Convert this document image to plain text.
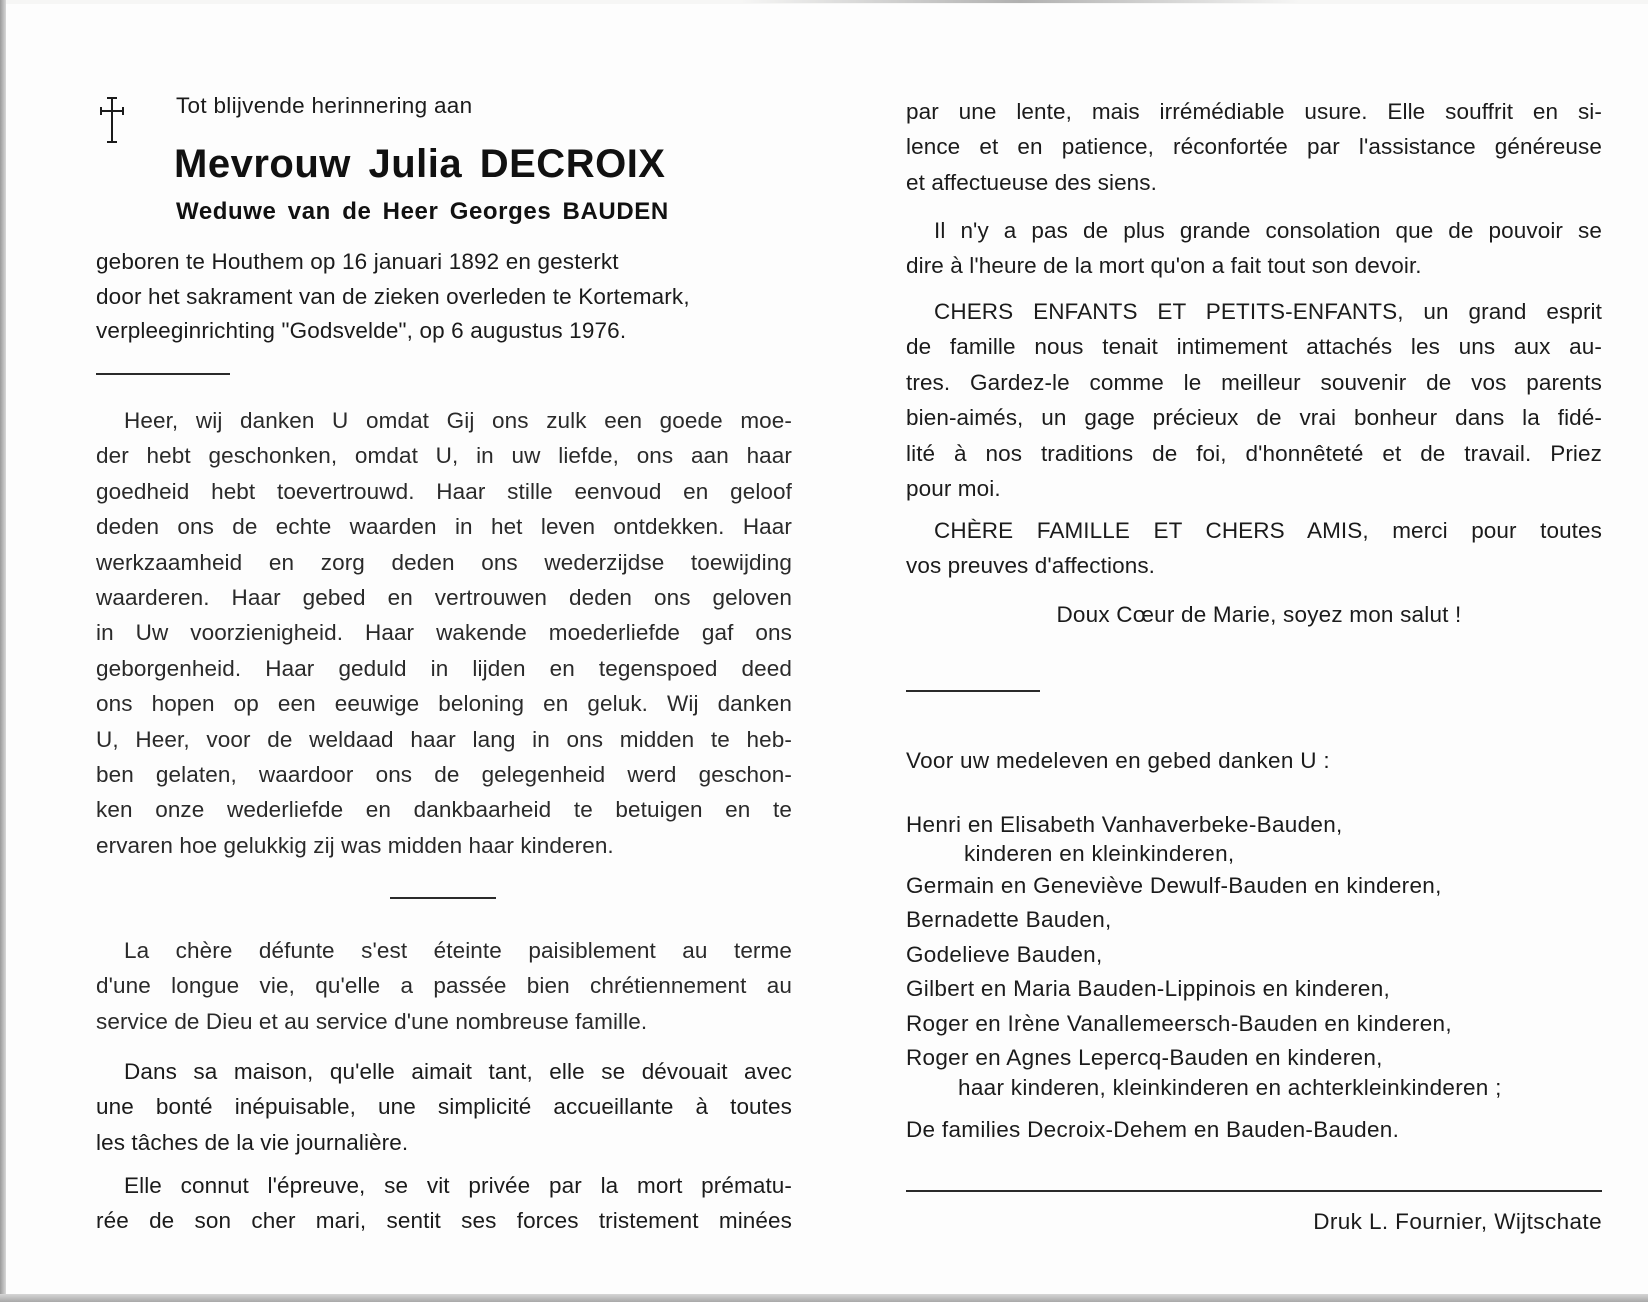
Tot blijvende herinnering aan
Mevrouw Julia DECROIX
Weduwe van de Heer Georges BAUDEN
geboren te Houthem op 16 januari 1892 en gesterkt
door het sakrament van de zieken overleden te Kortemark,
verpleeginrichting "Godsvelde", op 6 augustus 1976.
Heer, wij danken U omdat Gij ons zulk een goede moe-
der hebt geschonken, omdat U, in uw liefde, ons aan haar
goedheid hebt toevertrouwd. Haar stille eenvoud en geloof
deden ons de echte waarden in het leven ontdekken. Haar
werkzaamheid en zorg deden ons wederzijdse toewijding
waarderen. Haar gebed en vertrouwen deden ons geloven
in Uw voorzienigheid. Haar wakende moederliefde gaf ons
geborgenheid. Haar geduld in lijden en tegenspoed deed
ons hopen op een eeuwige beloning en geluk. Wij danken
U, Heer, voor de weldaad haar lang in ons midden te heb-
ben gelaten, waardoor ons de gelegenheid werd geschon-
ken onze wederliefde en dankbaarheid te betuigen en te
ervaren hoe gelukkig zij was midden haar kinderen.
La chère défunte s'est éteinte paisiblement au terme
d'une longue vie, qu'elle a passée bien chrétiennement au
service de Dieu et au service d'une nombreuse famille.
Dans sa maison, qu'elle aimait tant, elle se dévouait avec
une bonté inépuisable, une simplicité accueillante à toutes
les tâches de la vie journalière.
Elle connut l'épreuve, se vit privée par la mort prématu-
rée de son cher mari, sentit ses forces tristement minées
par une lente, mais irrémédiable usure. Elle souffrit en si-
lence et en patience, réconfortée par l'assistance généreuse
et affectueuse des siens.
Il n'y a pas de plus grande consolation que de pouvoir se
dire à l'heure de la mort qu'on a fait tout son devoir.
CHERS ENFANTS ET PETITS-ENFANTS, un grand esprit
de famille nous tenait intimement attachés les uns aux au-
tres. Gardez-le comme le meilleur souvenir de vos parents
bien-aimés, un gage précieux de vrai bonheur dans la fidé-
lité à nos traditions de foi, d'honnêteté et de travail. Priez
pour moi.
CHÈRE FAMILLE ET CHERS AMIS, merci pour toutes
vos preuves d'affections.
Doux Cœur de Marie, soyez mon salut !
Voor uw medeleven en gebed danken U :
Henri en Elisabeth Vanhaverbeke-Bauden,
kinderen en kleinkinderen,
Germain en Geneviève Dewulf-Bauden en kinderen,
Bernadette Bauden,
Godelieve Bauden,
Gilbert en Maria Bauden-Lippinois en kinderen,
Roger en Irène Vanallemeersch-Bauden en kinderen,
Roger en Agnes Lepercq-Bauden en kinderen,
haar kinderen, kleinkinderen en achterkleinkinderen ;
De families Decroix-Dehem en Bauden-Bauden.
Druk L. Fournier, Wijtschate
